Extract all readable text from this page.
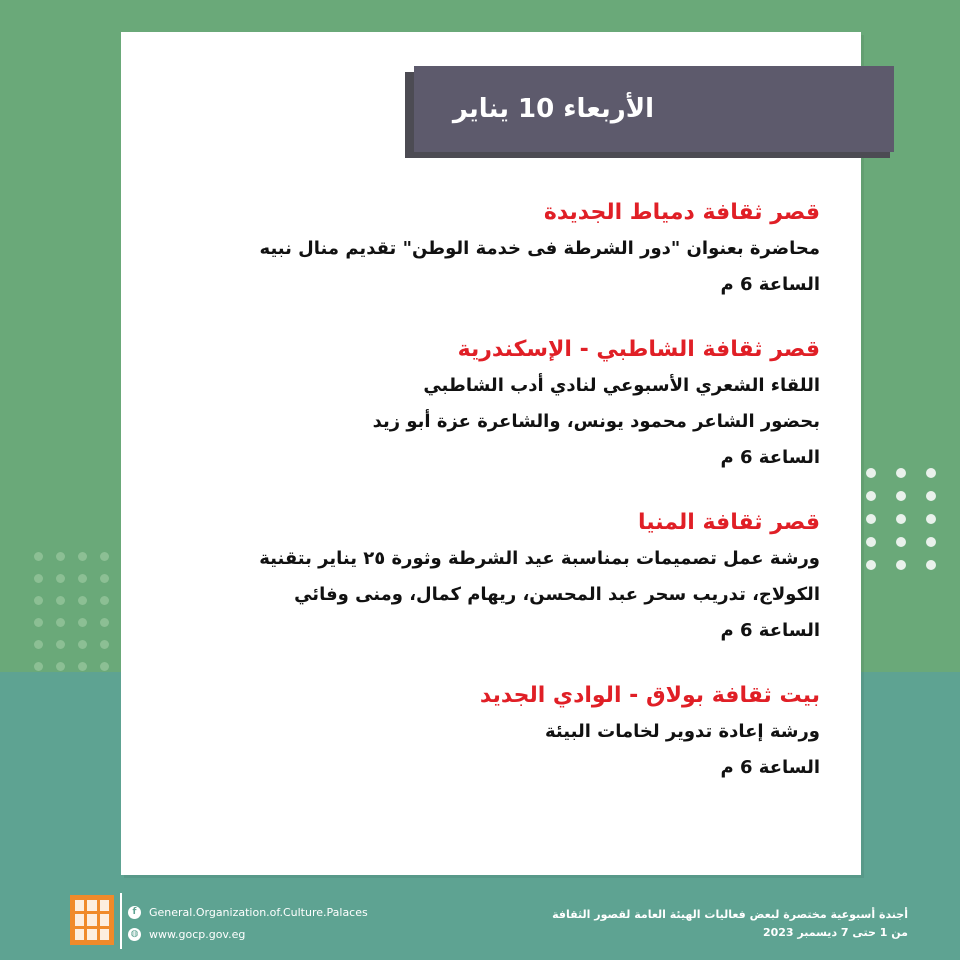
الأربعاء 10 يناير
قصر ثقافة دمياط الجديدة
محاضرة بعنوان "دور الشرطة فى خدمة الوطن" تقديم منال نبيه
الساعة 6 م
قصر ثقافة الشاطبي - الإسكندرية
اللقاء الشعري الأسبوعي لنادي أدب الشاطبي
بحضور الشاعر محمود يونس، والشاعرة عزة أبو زيد
الساعة 6 م
قصر ثقافة المنيا
ورشة عمل تصميمات بمناسبة عيد الشرطة وثورة ٢٥ يناير بتقنية
الكولاج، تدريب سحر عبد المحسن، ريهام كمال، ومنى وفائي
الساعة 6 م
بيت ثقافة بولاق - الوادي الجديد
ورشة إعادة تدوير لخامات البيئة
الساعة 6 م
f	General.Organization.of.Culture.Palaces
◍ www.gocp.gov.eg
أجندة أسبوعية مختصرة لبعض فعاليات الهيئة العامة لقصور الثقافة
من 1 حتى 7 ديسمبر 2023
